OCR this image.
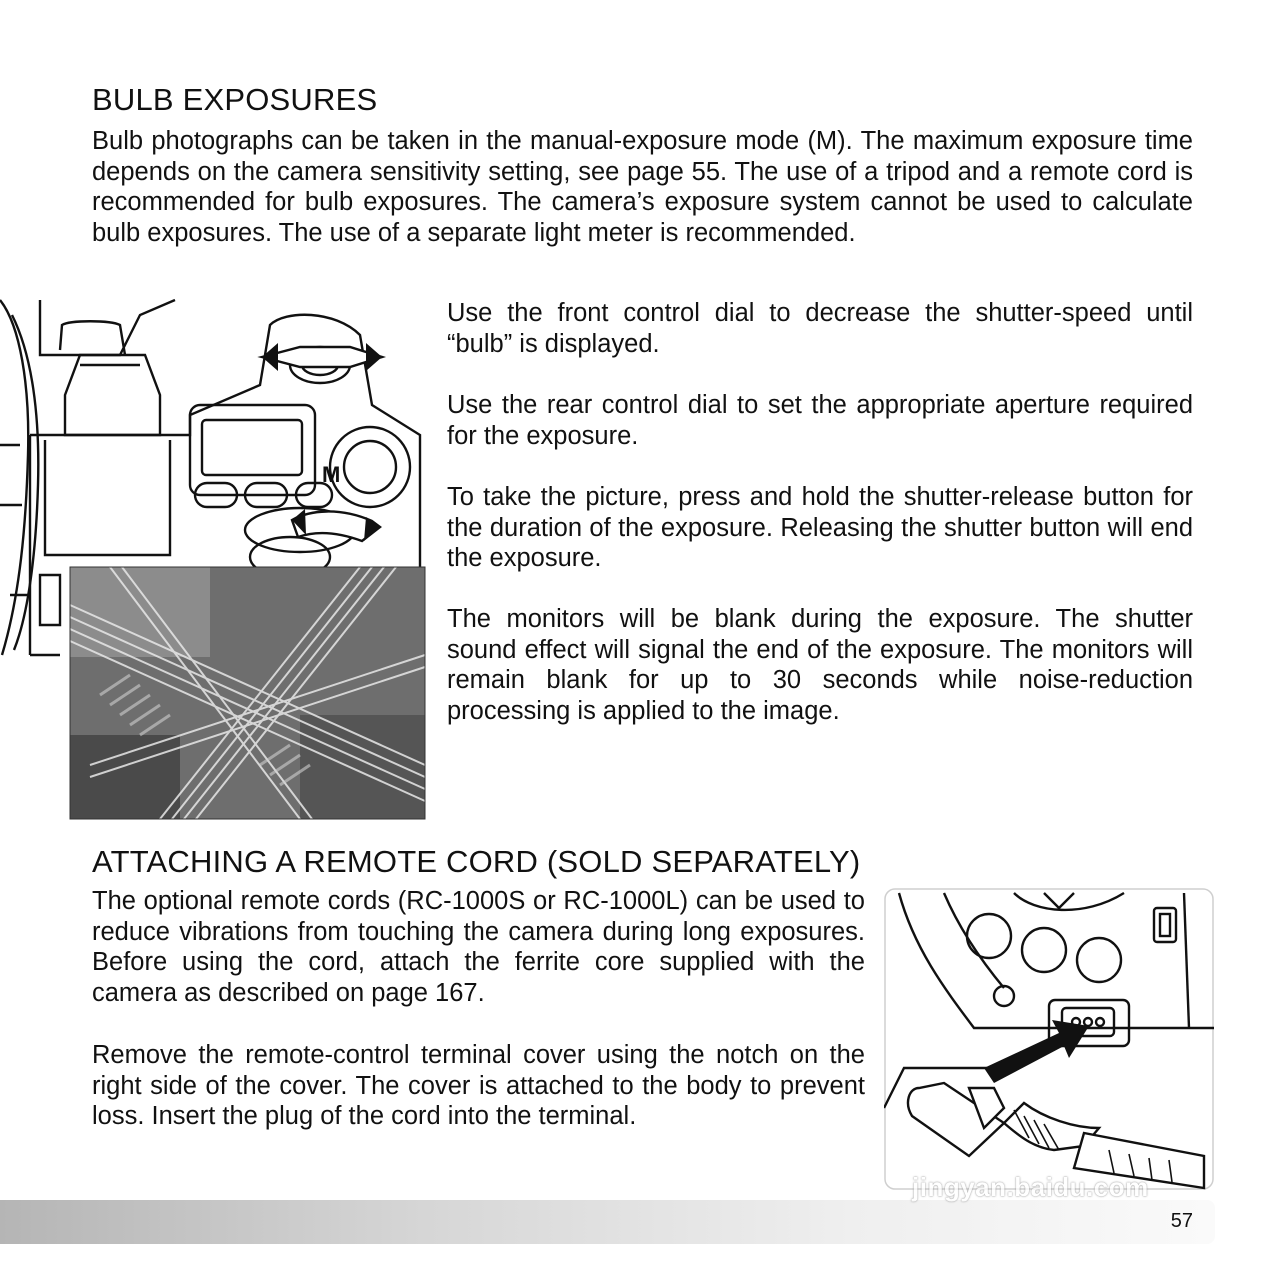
BULB EXPOSURES

Bulb photographs can be taken in the manual-exposure mode (M). The maximum exposure time depends on the camera sensitivity setting, see page 55. The use of a tripod and a remote cord is recommended for bulb exposures. The camera’s exposure system cannot be used to calculate bulb exposures. The use of a separate light meter is recommended.

M

Use the front control dial to decrease the shutter-speed until “bulb” is displayed.

Use the rear control dial to set the appropriate aperture required for the exposure.

To take the picture, press and hold the shutter-release button for the duration of the exposure. Releasing the shutter button will end the exposure.

The monitors will be blank during the exposure. The shutter sound effect will signal the end of the exposure. The monitors will remain blank for up to 30 seconds while noise-reduction processing is applied to the image.

ATTACHING A REMOTE CORD (SOLD SEPARATELY)

The optional remote cords (RC-1000S or RC-1000L) can be used to reduce vibrations from touching the camera during long exposures. Before using the cord, attach the ferrite core supplied with the camera as described on page 167.

Remove the remote-control terminal cover using the notch on the right side of the cover. The cover is attached to the body to prevent loss. Insert the plug of the cord into the terminal.

57
jingyan.baidu.com
